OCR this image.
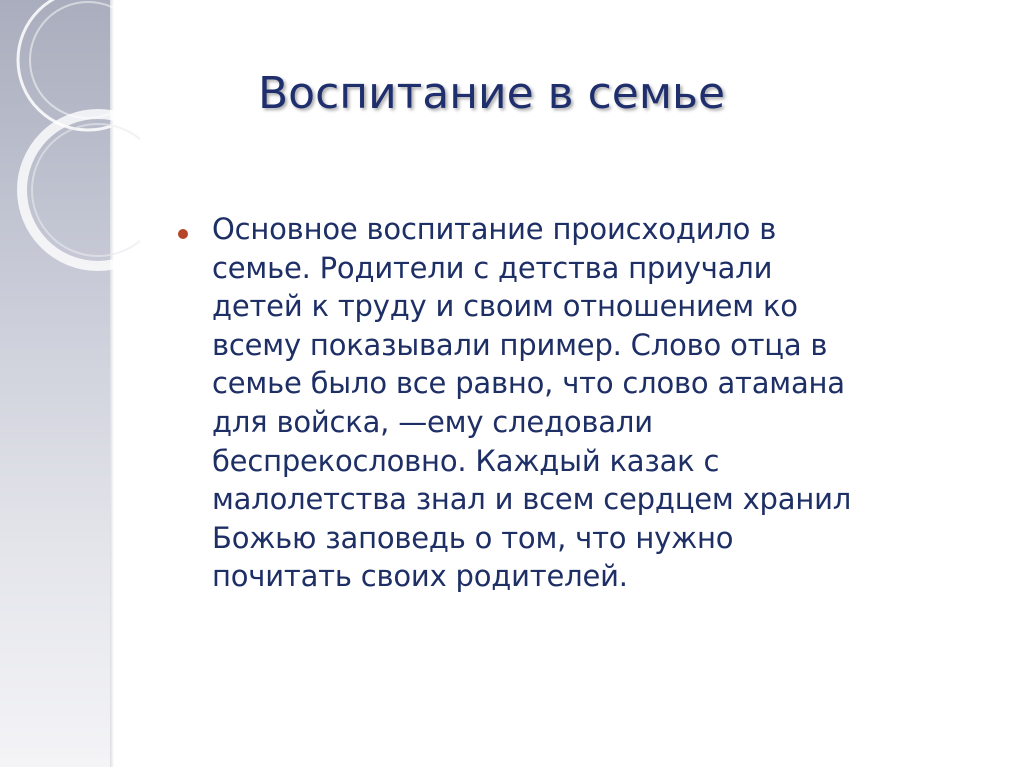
Воспитание в семье
Основное воспитание происходило в
семье. Родители с детства приучали
детей к труду и своим отношением ко
всему показывали пример. Слово отца в
семье было все равно, что слово атамана
для войска, —ему следовали
беспрекословно. Каждый казак с
малолетства знал и всем сердцем хранил
Божью заповедь о том, что нужно
почитать своих родителей.
